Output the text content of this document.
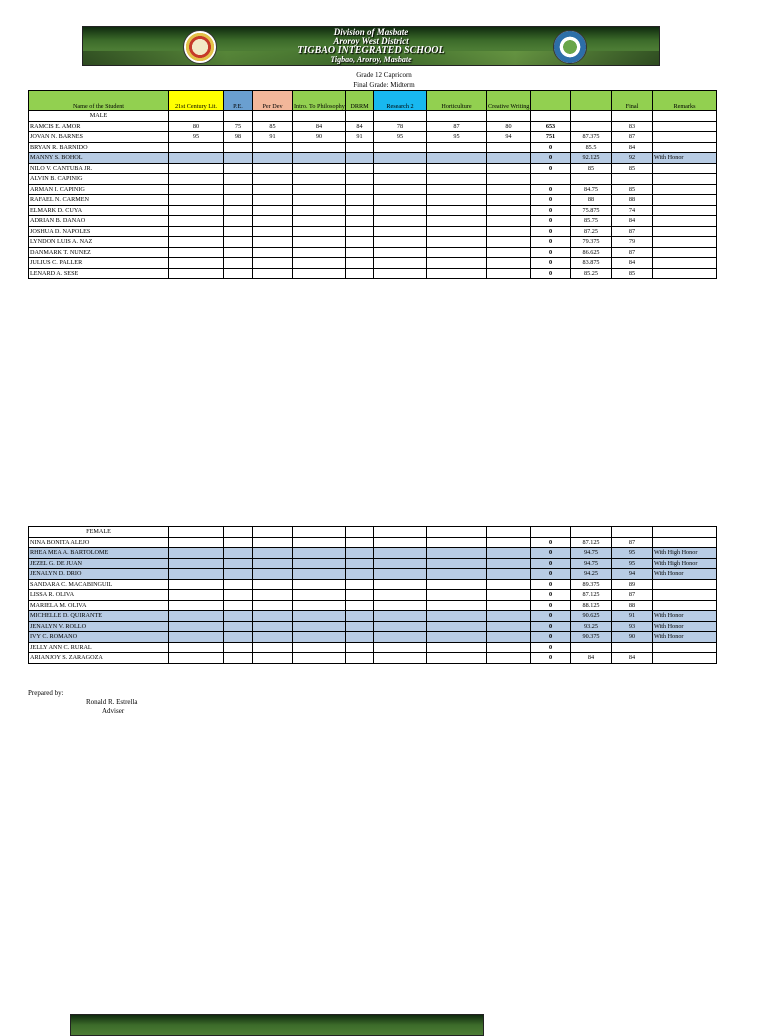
Division of Masbate
Aroroy West District
TIGBAO INTEGRATED SCHOOL
Tigbao, Aroroy, Masbate
Grade 12 Capricorn
Final Grade: Midterm
Name of the Student	21st Century Lit.	P.E.	Per Dev	Intro. To Philosophy	DRRM	Research 2	Horticulture	Creative Writing			Final	Remarks
MALE												
RAMCIS E. AMOR	80	75	85	84	84	78	87	80	653		83	
JOVAN N. BARNES	95	98	91	90	91	95	95	94	751	87.375	87	
BRYAN R. BARNIDO									0	85.5	84	
MANNY S. BOHOL									0	92.125	92	With Honor
NILO V. CANTUBA JR.									0	85	85	
ALVIN B. CAPINIG												
ARMAN I. CAPINIG									0	84.75	85	
RAFAEL N. CARMEN									0	88	88	
ELMARK D. CUYA									0	75.875	74	
ADRIAN B. DANAO									0	85.75	84	
JOSHUA D. NAPOLES									0	87.25	87	
LYNDON LUIS A. NAZ									0	79.375	79	
DANMARK T. NUNEZ									0	86.625	87	
JULIUS C. PALLER									0	83.875	84	
LENARD A. SESE									0	85.25	85	
FEMALE												
NINA BONITA ALEJO									0	87.125	87	
RHEA MEA A. BARTOLOME									0	94.75	95	With High Honor
JEZEL G. DE JUAN									0	94.75	95	With High Honor
JENALYN D. DRIO									0	94.25	94	With Honor
SANDARA C. MACABINGUIL									0	89.375	89	
LISSA R. OLIVA									0	87.125	87	
MARIELA M. OLIVA									0	88.125	88	
MICHELLE D. QUIRANTE									0	90.625	91	With Honor
JENALYN V. ROLLO									0	93.25	93	With Honor
IVY C. ROMANO									0	90.375	90	With Honor
JELLY ANN C. RURAL									0			
ARIANJOY S. ZARAGOZA									0	84	84	
Prepared by:
Ronald R. Estrella
Adviser
